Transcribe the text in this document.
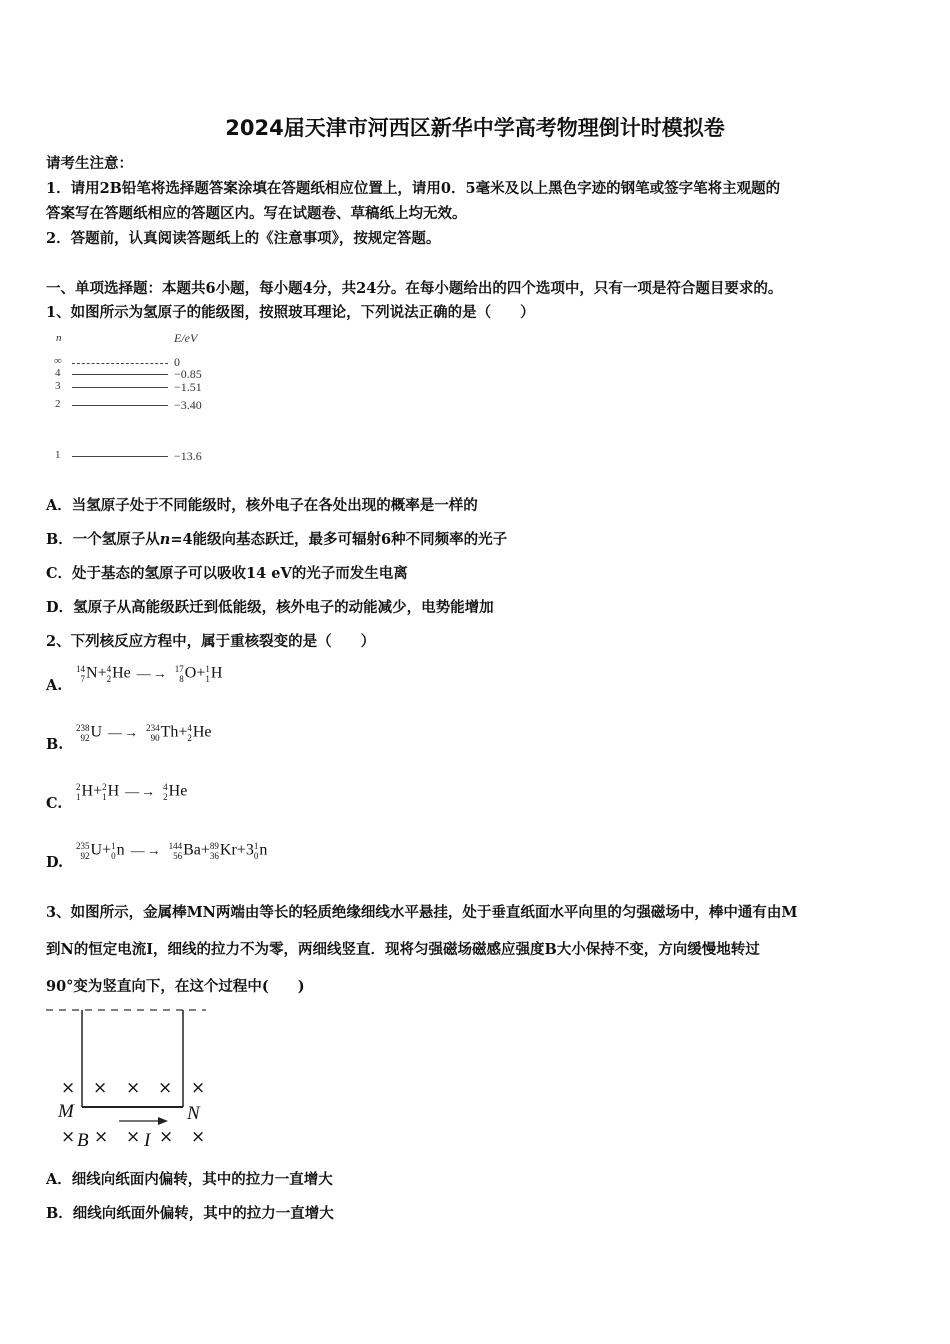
2024届天津市河西区新华中学高考物理倒计时模拟卷
请考生注意：
1．请用2B铅笔将选择题答案涂填在答题纸相应位置上，请用0．5毫米及以上黑色字迹的钢笔或签字笔将主观题的
答案写在答题纸相应的答题区内。写在试题卷、草稿纸上均无效。
2．答题前，认真阅读答题纸上的《注意事项》，按规定答题。
一、单项选择题：本题共6小题，每小题4分，共24分。在每小题给出的四个选项中，只有一项是符合题目要求的。
1、如图所示为氢原子的能级图，按照玻耳理论，下列说法正确的是（　　）
n	E/eV
∞	0
4	−0.85
3	−1.51
2	−3.40
1	−13.6
A．当氢原子处于不同能级时，核外电子在各处出现的概率是一样的
B．一个氢原子从n=4能级向基态跃迁，最多可辐射6种不同频率的光子
C．处于基态的氢原子可以吸收14 eV的光子而发生电离
D．氢原子从高能级跃迁到低能级，核外电子的动能减少，电势能增加
2、下列核反应方程中，属于重核裂变的是（　　）
A.
14
7 N+ 4
2 He —→ 17
8 O+ 1
1 H
B.
238
92 U —→ 234
90 Th+ 4
2 He
C.
2
1 H+ 2
1 H —→ 4
2 He
D.
235
92 U+ 1
0 n —→ 144
56 Ba+ 89
36 Kr+3 1
0 n
3、如图所示，金属棒MN两端由等长的轻质绝缘细线水平悬挂，处于垂直纸面水平向里的匀强磁场中，棒中通有由M
到N的恒定电流I，细线的拉力不为零，两细线竖直．现将匀强磁场磁感应强度B大小保持不变，方向缓慢地转过
90°变为竖直向下，在这个过程中(　　)
× × × × ×
M	N
× B × × I × ×
A．细线向纸面内偏转，其中的拉力一直增大
B．细线向纸面外偏转，其中的拉力一直增大
